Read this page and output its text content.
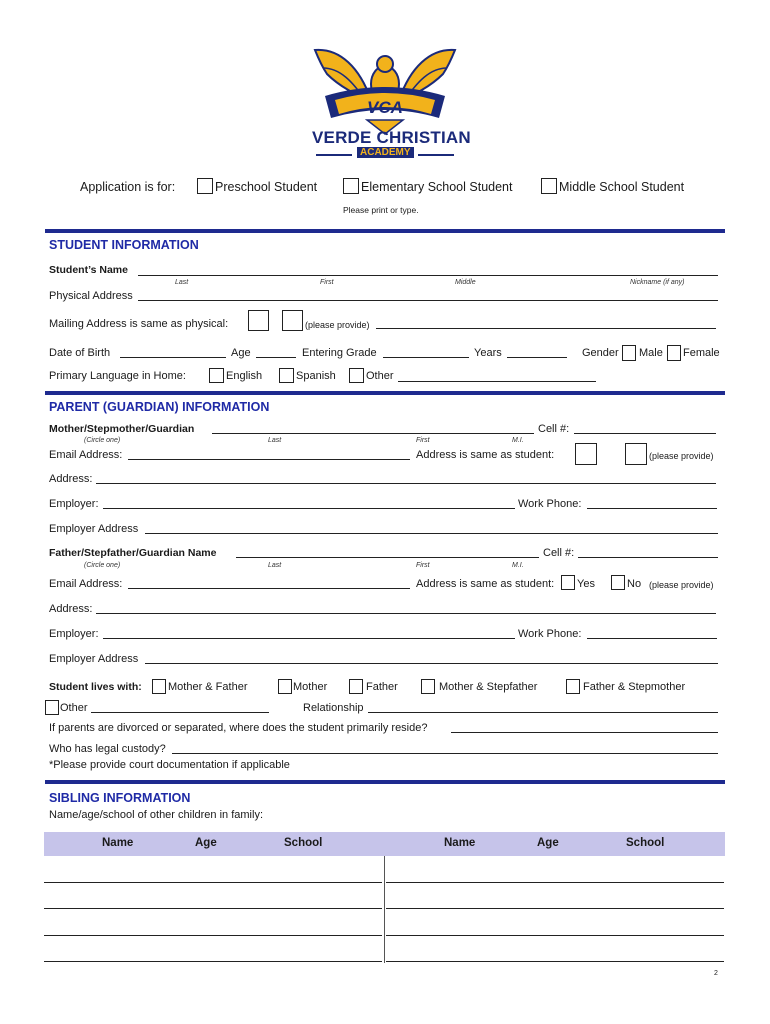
VCA
VERDE CHRISTIAN
ACADEMY
Application is for:	Preschool Student	Elementary School Student	Middle School Student
Please print or type.
STUDENT INFORMATION
Student’s Name
Last	First	Middle	Nickname (if any)
Physical Address
Mailing Address is same as physical:	(please provide)
Date of Birth	Age	Entering Grade	Years	Gender Male Female
Primary Language in Home:	English	Spanish	Other
PARENT (GUARDIAN) INFORMATION
Mother/Stepmother/Guardian	Cell #:
(Circle one)	Last	First	M.I.
Email Address:	Address is same as student:	(please provide)
Address:
Employer:	Work Phone:
Employer Address
Father/Stepfather/Guardian Name	Cell #:
(Circle one)	Last	First	M.I.
Email Address:	Address is same as student: Yes	No (please provide)
Address:
Employer:	Work Phone:
Employer Address
Student lives with: Mother & Father	Mother	Father	Mother & Stepfather	Father & Stepmother
Other	Relationship
If parents are divorced or separated, where does the student primarily reside?
Who has legal custody?
*Please provide court documentation if applicable
SIBLING INFORMATION
Name/age/school of other children in family:
Name	Age	School	Name	Age	School
2
